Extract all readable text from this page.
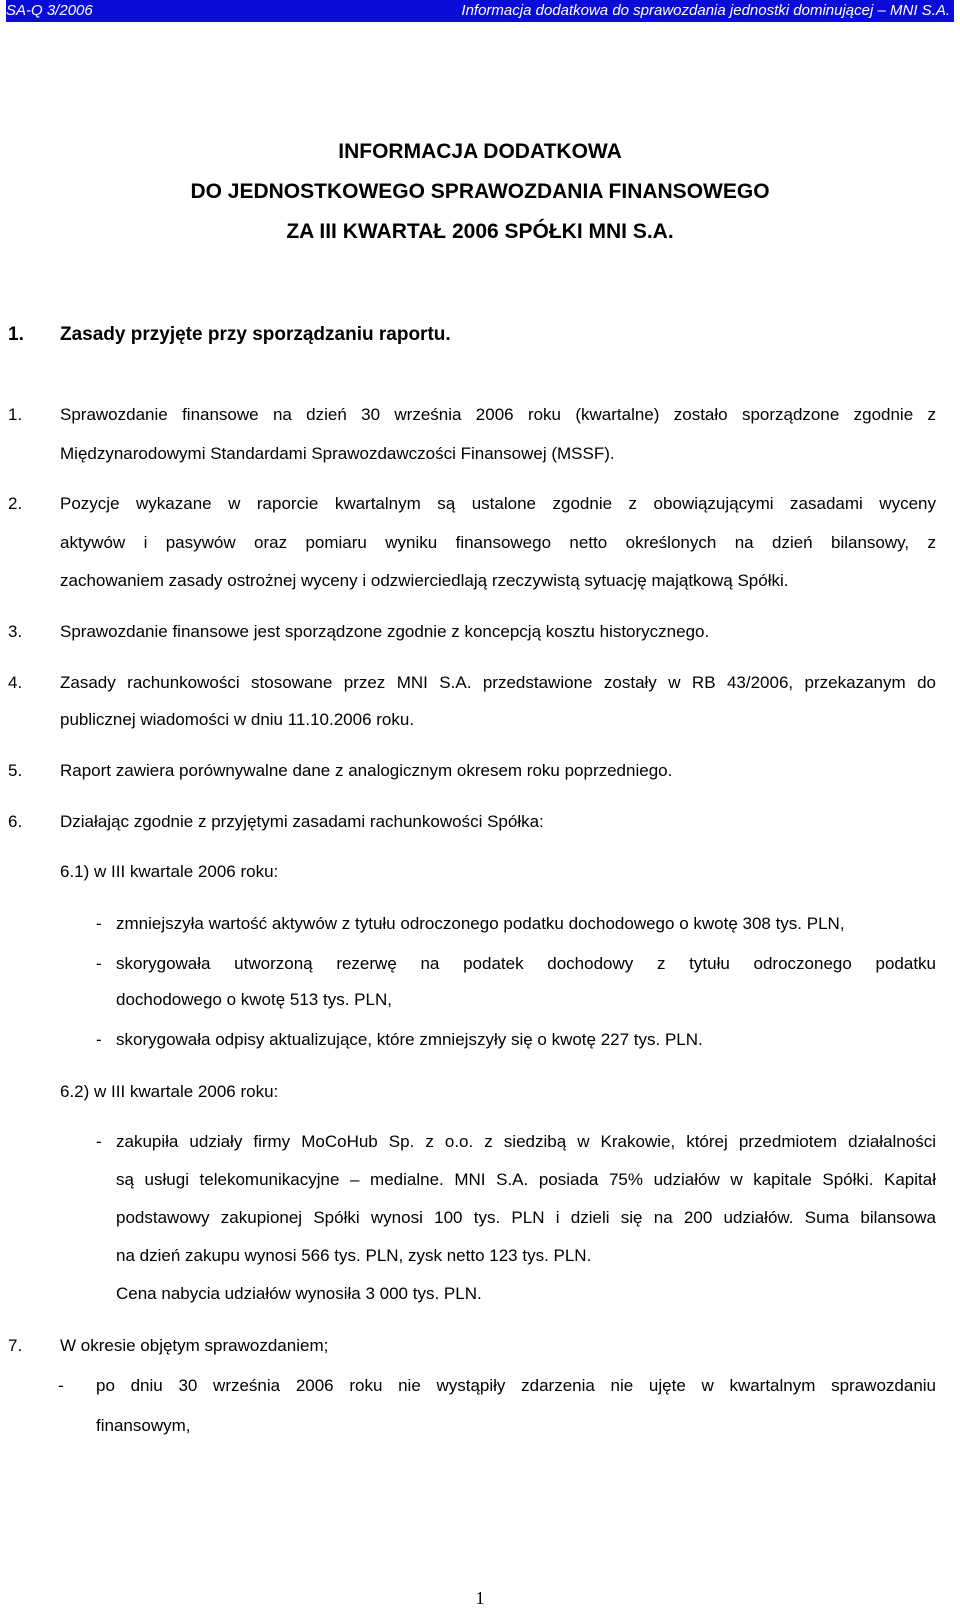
SA-Q 3/2006	Informacja dodatkowa do sprawozdania jednostki dominującej – MNI S.A.
INFORMACJA DODATKOWA
DO JEDNOSTKOWEGO SPRAWOZDANIA FINANSOWEGO
ZA III KWARTAŁ 2006 SPÓŁKI MNI S.A.
1. Zasady przyjęte przy sporządzaniu raportu.
1. Sprawozdanie finansowe na dzień 30 września 2006 roku (kwartalne) zostało sporządzone zgodnie z
Międzynarodowymi Standardami Sprawozdawczości Finansowej (MSSF).
2. Pozycje wykazane w raporcie kwartalnym są ustalone zgodnie z obowiązującymi zasadami wyceny
aktywów i pasywów oraz pomiaru wyniku finansowego netto określonych na dzień bilansowy, z
zachowaniem zasady ostrożnej wyceny i odzwierciedlają rzeczywistą sytuację majątkową Spółki.
3. Sprawozdanie finansowe jest sporządzone zgodnie z koncepcją kosztu historycznego.
4. Zasady rachunkowości stosowane przez MNI S.A. przedstawione zostały w RB 43/2006, przekazanym do
publicznej wiadomości w dniu 11.10.2006 roku.
5. Raport zawiera porównywalne dane z analogicznym okresem roku poprzedniego.
6. Działając zgodnie z przyjętymi zasadami rachunkowości Spółka:
6.1) w III kwartale 2006 roku:
- zmniejszyła wartość aktywów z tytułu odroczonego podatku dochodowego o kwotę 308 tys. PLN,
- skorygowała utworzoną rezerwę na podatek dochodowy z tytułu odroczonego podatku
dochodowego o kwotę 513 tys. PLN,
- skorygowała odpisy aktualizujące, które zmniejszyły się o kwotę 227 tys. PLN.
6.2) w III kwartale 2006 roku:
- zakupiła udziały firmy MoCoHub Sp. z o.o. z siedzibą w Krakowie, której przedmiotem działalności
są usługi telekomunikacyjne – medialne. MNI S.A. posiada 75% udziałów w kapitale Spółki. Kapitał
podstawowy zakupionej Spółki wynosi 100 tys. PLN i dzieli się na 200 udziałów. Suma bilansowa
na dzień zakupu wynosi 566 tys. PLN, zysk netto 123 tys. PLN.
Cena nabycia udziałów wynosiła 3 000 tys. PLN.
7. W okresie objętym sprawozdaniem;
- po dniu 30 września 2006 roku nie wystąpiły zdarzenia nie ujęte w kwartalnym sprawozdaniu
finansowym,
1
